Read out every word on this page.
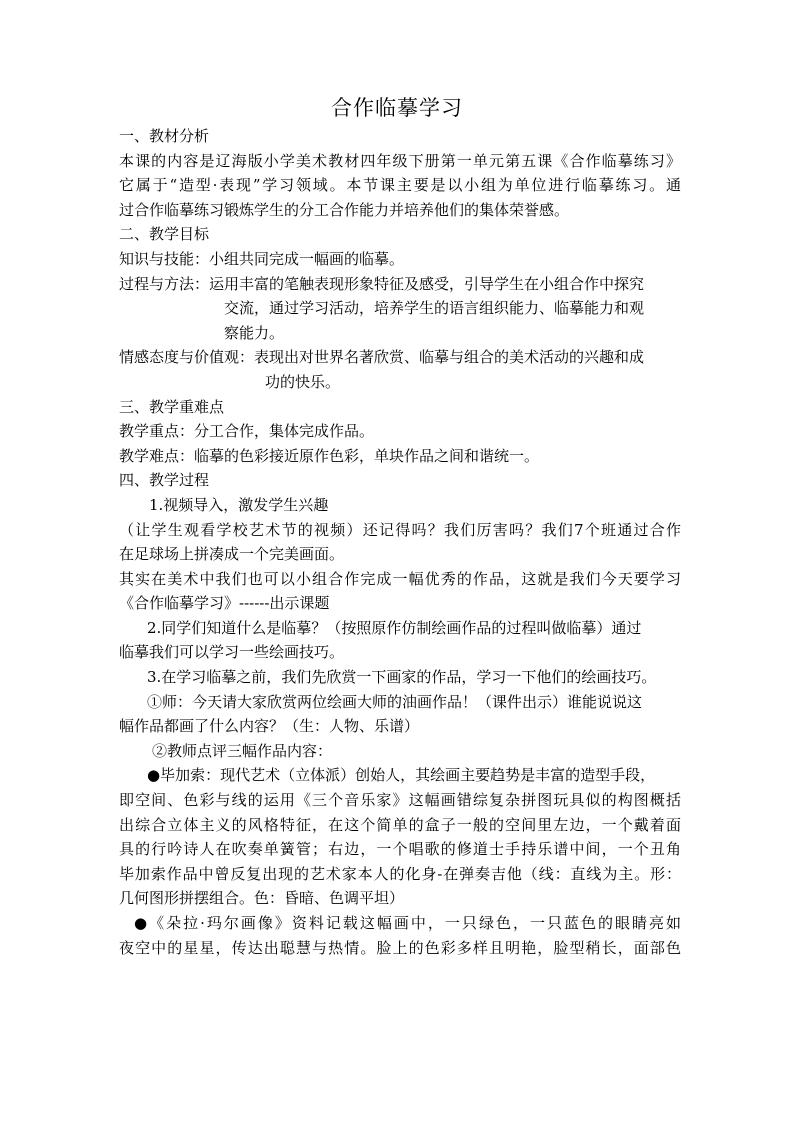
合作临摹学习

一、教材分析

本课的内容是辽海版小学美术教材四年级下册第一单元第五课《合作临摹练习》

它属于“造型·表现”学习领域。本节课主要是以小组为单位进行临摹练习。通

过合作临摹练习锻炼学生的分工合作能力并培养他们的集体荣誉感。

二、教学目标

知识与技能：小组共同完成一幅画的临摹。

过程与方法：运用丰富的笔触表现形象特征及感受，引导学生在小组合作中探究

交流，通过学习活动，培养学生的语言组织能力、临摹能力和观

察能力。

情感态度与价值观：表现出对世界名著欣赏、临摹与组合的美术活动的兴趣和成

功的快乐。

三、教学重难点

教学重点：分工合作，集体完成作品。

教学难点：临摹的色彩接近原作色彩，单块作品之间和谐统一。

四、教学过程

1.视频导入，激发学生兴趣

（让学生观看学校艺术节的视频）还记得吗？我们厉害吗？我们7个班通过合作

在足球场上拼凑成一个完美画面。

其实在美术中我们也可以小组合作完成一幅优秀的作品，这就是我们今天要学习

《合作临摹学习》------出示课题

2.同学们知道什么是临摹？（按照原作仿制绘画作品的过程叫做临摹）通过

临摹我们可以学习一些绘画技巧。

3.在学习临摹之前，我们先欣赏一下画家的作品，学习一下他们的绘画技巧。

①师：今天请大家欣赏两位绘画大师的油画作品！（课件出示）谁能说说这

幅作品都画了什么内容？（生：人物、乐谱）

②教师点评三幅作品内容：

●毕加索：现代艺术（立体派）创始人，其绘画主要趋势是丰富的造型手段，

即空间、色彩与线的运用《三个音乐家》这幅画错综复杂拼图玩具似的构图概括

出综合立体主义的风格特征，在这个简单的盒子一般的空间里左边，一个戴着面

具的行吟诗人在吹奏单簧管；右边，一个唱歌的修道士手持乐谱中间，一个丑角

毕加索作品中曾反复出现的艺术家本人的化身-在弹奏吉他（线：直线为主。形：

几何图形拼摆组合。色：昏暗、色调平坦）

●《朵拉·玛尔画像》资料记载这幅画中，一只绿色，一只蓝色的眼睛亮如

夜空中的星星，传达出聪慧与热情。脸上的色彩多样且明艳，脸型稍长，面部色
